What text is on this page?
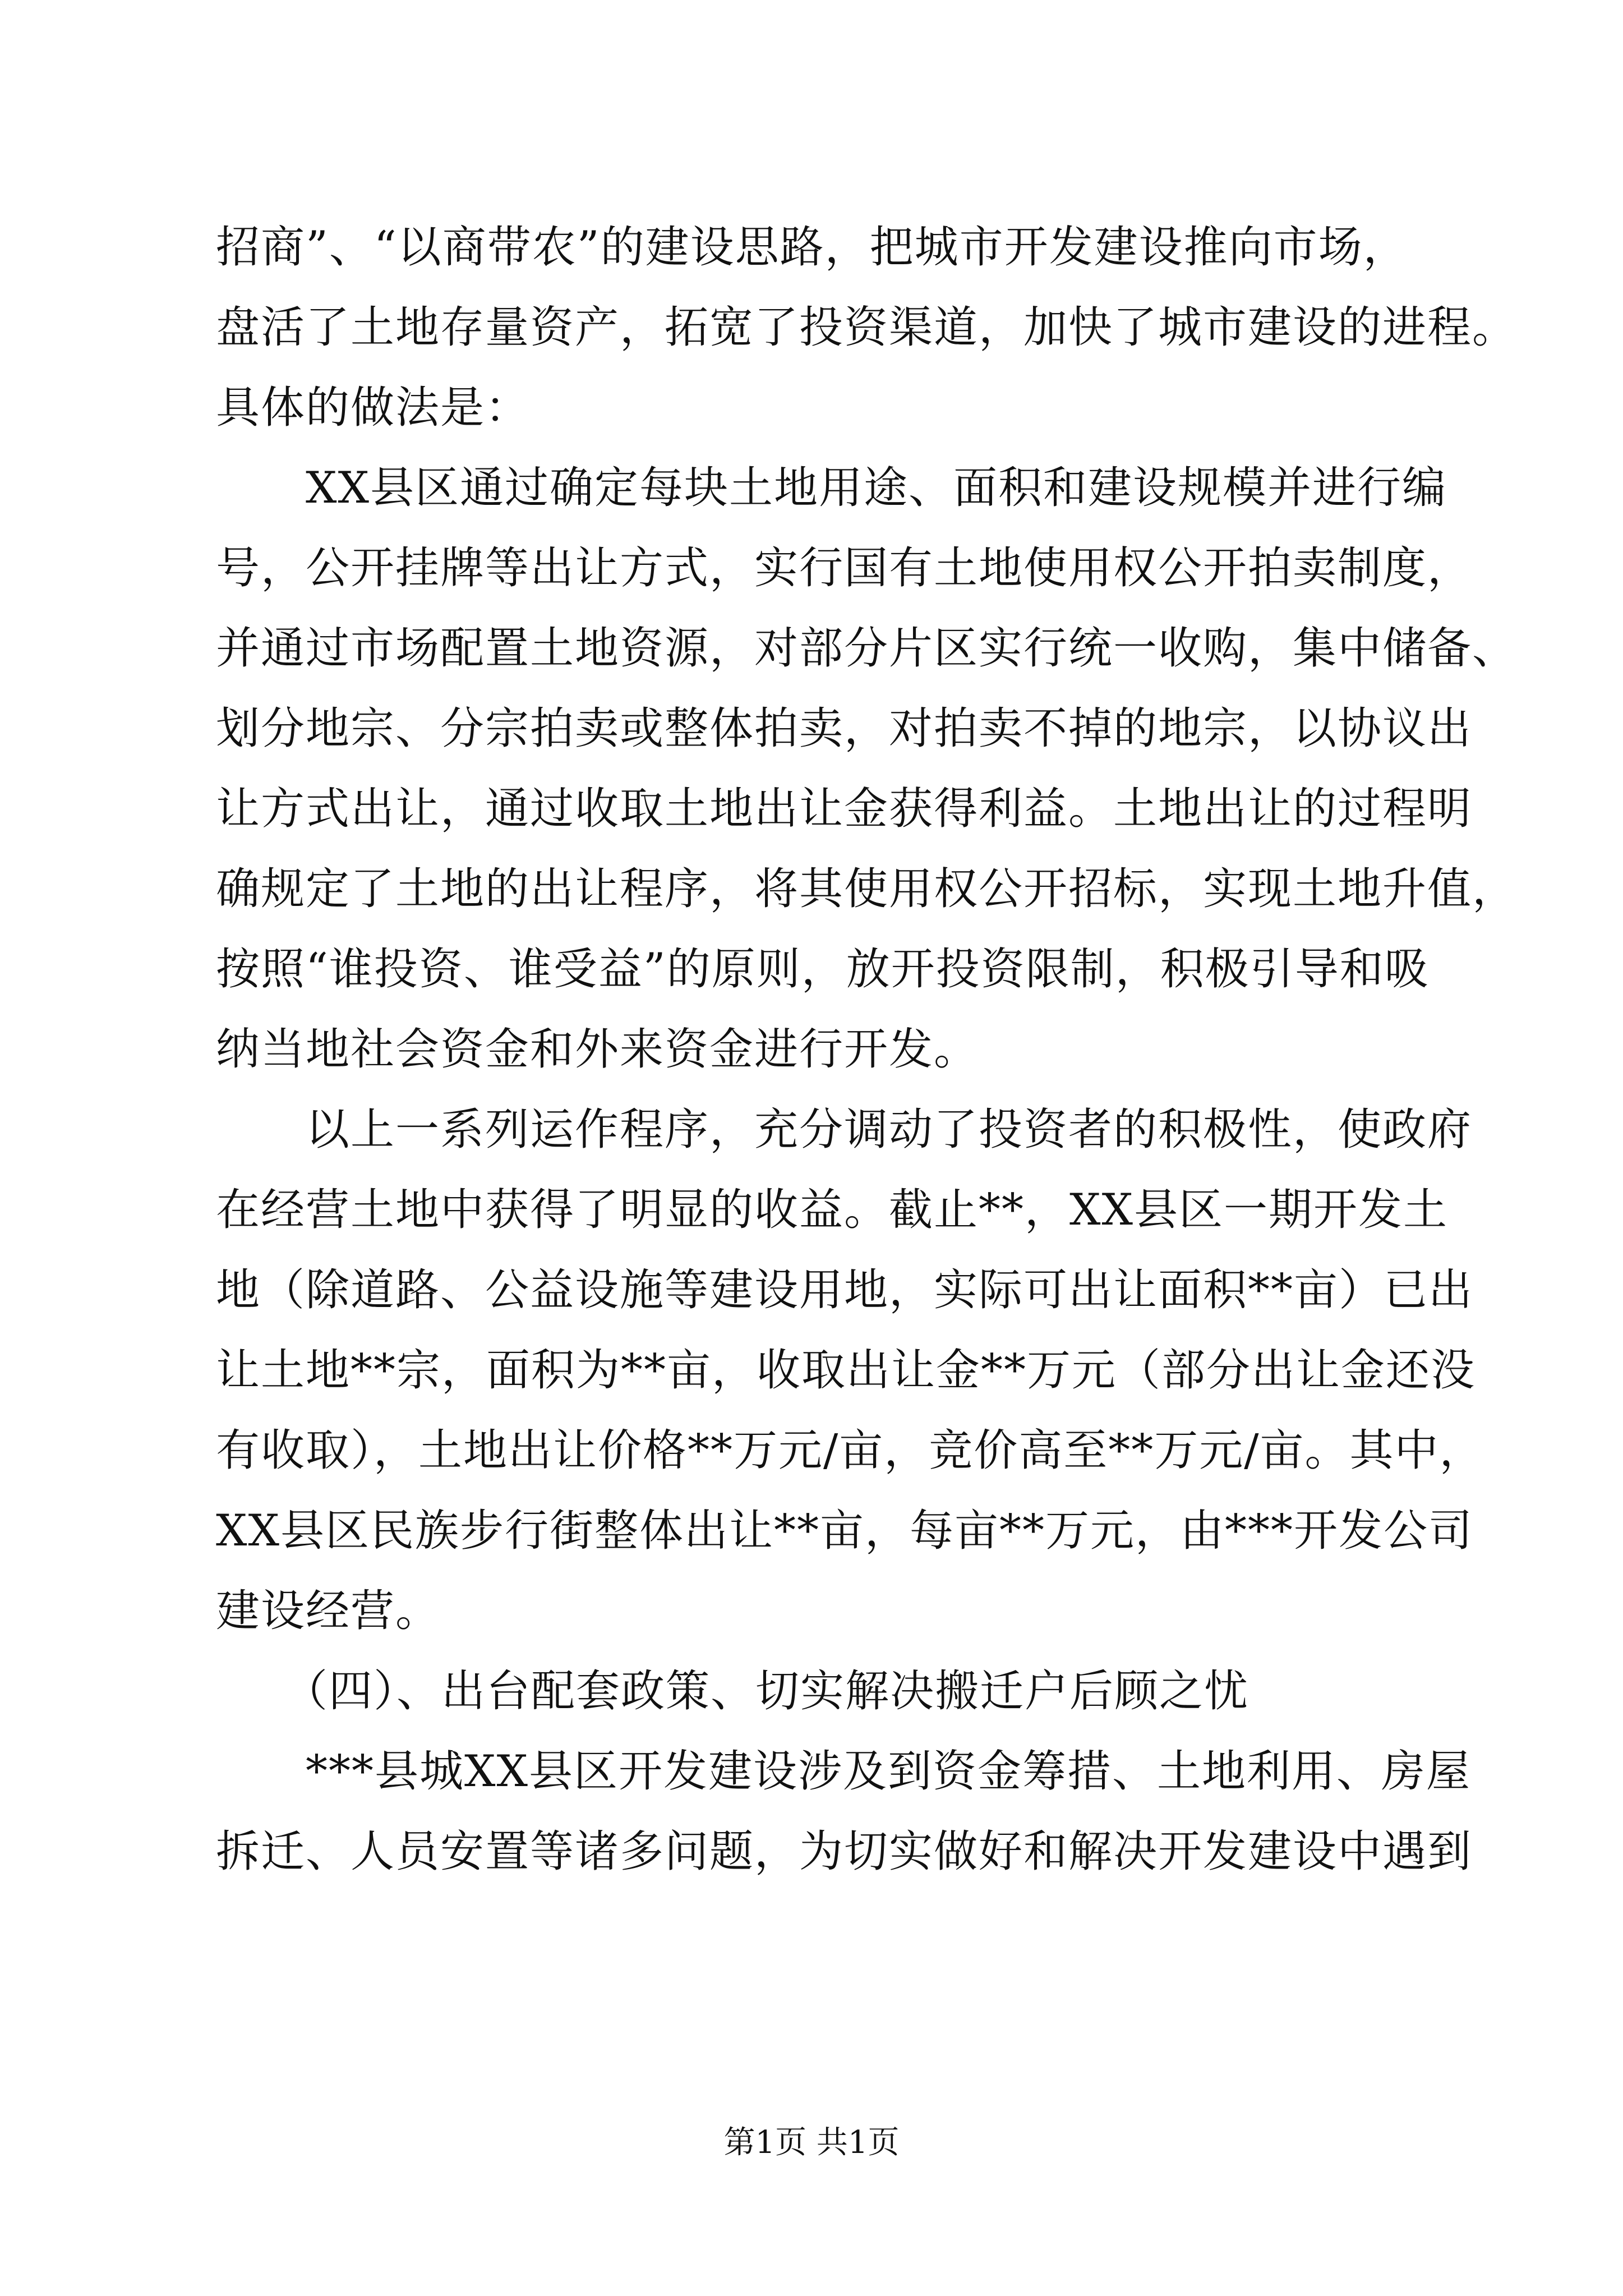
招商”、“以商带农”的建设思路，把城市开发建设推向市场，
盘活了土地存量资产，拓宽了投资渠道，加快了城市建设的进程。
具体的做法是：
　　XX县区通过确定每块土地用途、面积和建设规模并进行编
号，公开挂牌等出让方式，实行国有土地使用权公开拍卖制度，
并通过市场配置土地资源，对部分片区实行统一收购，集中储备、
划分地宗、分宗拍卖或整体拍卖，对拍卖不掉的地宗，以协议出
让方式出让，通过收取土地出让金获得利益。土地出让的过程明
确规定了土地的出让程序，将其使用权公开招标，实现土地升值，
按照“谁投资、谁受益”的原则，放开投资限制，积极引导和吸
纳当地社会资金和外来资金进行开发。
　　以上一系列运作程序，充分调动了投资者的积极性，使政府
在经营土地中获得了明显的收益。截止**，XX县区一期开发土
地（除道路、公益设施等建设用地，实际可出让面积**亩）已出
让土地**宗，面积为**亩，收取出让金**万元（部分出让金还没
有收取），土地出让价格**万元/亩，竞价高至**万元/亩。其中，
XX县区民族步行街整体出让**亩，每亩**万元，由***开发公司
建设经营。
　　（四）、出台配套政策、切实解决搬迁户后顾之忧
　　***县城XX县区开发建设涉及到资金筹措、土地利用、房屋
拆迁、人员安置等诸多问题，为切实做好和解决开发建设中遇到
第1页 共1页
